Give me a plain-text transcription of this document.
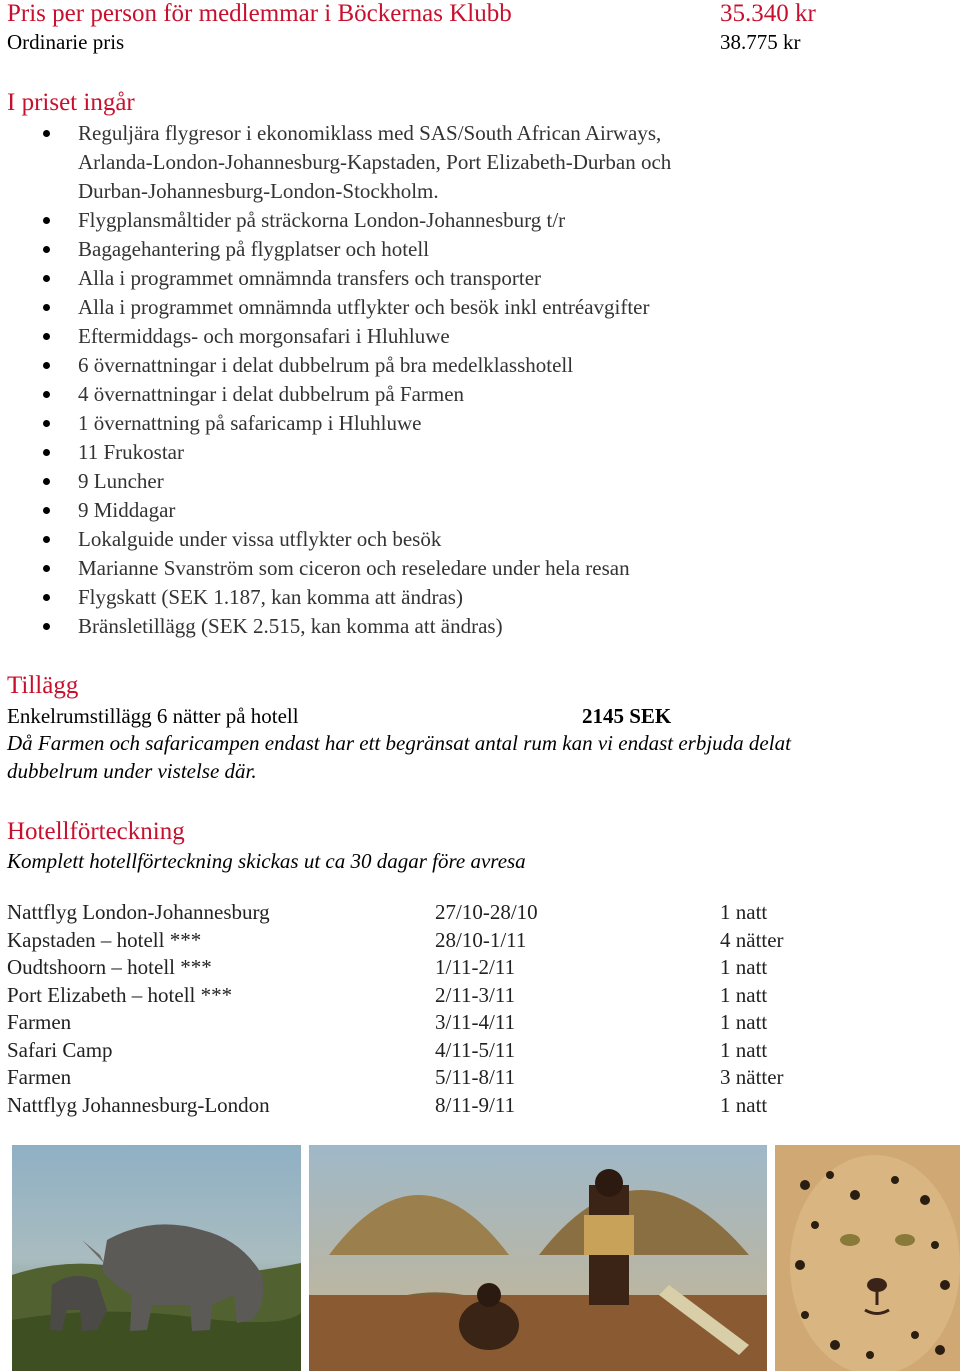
Pris per person för medlemmar i Böckernas Klubb	35.340 kr
Ordinarie pris	38.775 kr
I priset ingår
Reguljära flygresor i ekonomiklass med SAS/South African Airways,
Arlanda-London-Johannesburg-Kapstaden, Port Elizabeth-Durban och
Durban-Johannesburg-London-Stockholm.
Flygplansmåltider på sträckorna London-Johannesburg t/r
Bagagehantering på flygplatser och hotell
Alla i programmet omnämnda transfers och transporter
Alla i programmet omnämnda utflykter och besök inkl entréavgifter
Eftermiddags- och morgonsafari i Hluhluwe
6 övernattningar i delat dubbelrum på bra medelklasshotell
4 övernattningar i delat dubbelrum på Farmen
1 övernattning på safaricamp i Hluhluwe
11 Frukostar
9 Luncher
9 Middagar
Lokalguide under vissa utflykter och besök
Marianne Svanström som ciceron och reseledare under hela resan
Flygskatt (SEK 1.187, kan komma att ändras)
Bränsletillägg (SEK 2.515, kan komma att ändras)
Tillägg
Enkelrumstillägg 6 nätter på hotell	2145 SEK
Då Farmen och safaricampen endast har ett begränsat antal rum kan vi endast erbjuda delat
dubbelrum under vistelse där.
Hotellförteckning
Komplett hotellförteckning skickas ut ca 30 dagar före avresa
Nattflyg London-Johannesburg	27/10-28/10	1 natt
Kapstaden – hotell ***	28/10-1/11	4 nätter
Oudtshoorn – hotell ***	1/11-2/11	1 natt
Port Elizabeth – hotell ***	2/11-3/11	1 natt
Farmen	3/11-4/11	1 natt
Safari Camp	4/11-5/11	1 natt
Farmen	5/11-8/11	3 nätter
Nattflyg Johannesburg-London	8/11-9/11	1 natt
